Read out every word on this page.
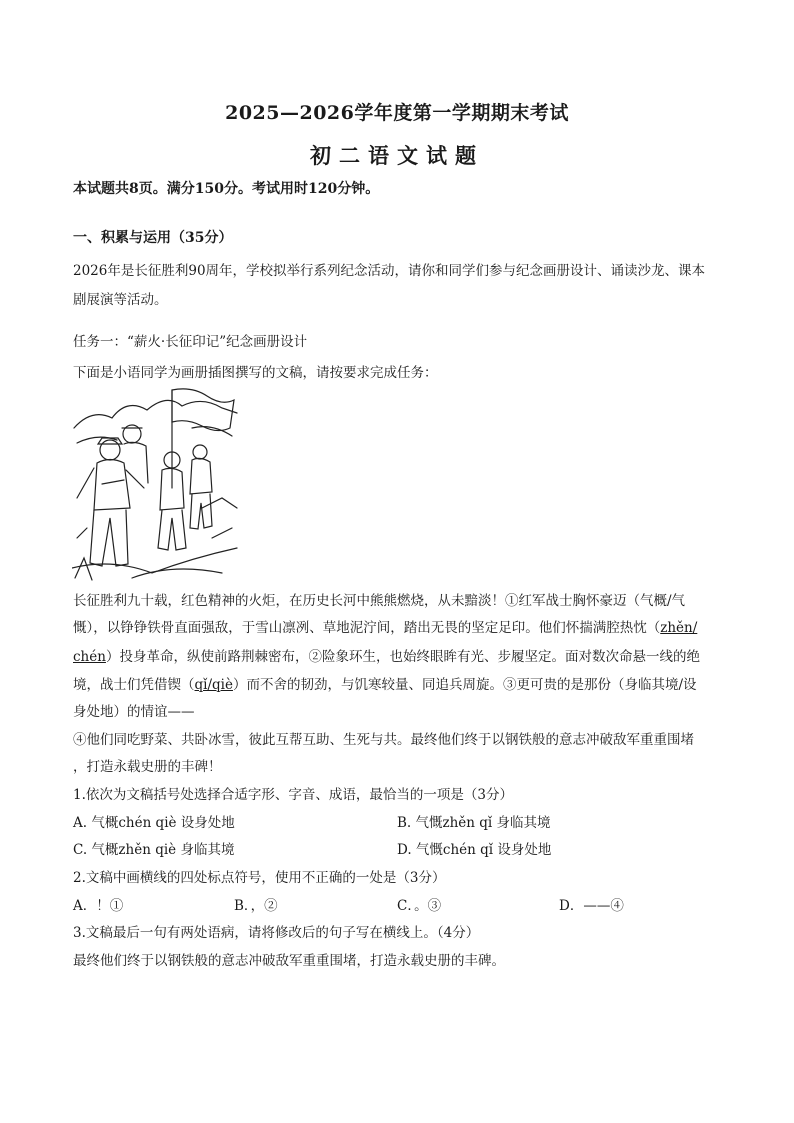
2025—2026学年度第一学期期末考试
初二语文试题
本试题共8页。满分150分。考试用时120分钟。
一、积累与运用（35分）
2026年是长征胜利90周年，学校拟举行系列纪念活动，请你和同学们参与纪念画册设计、诵读沙龙、课本
剧展演等活动。
任务一：“薪火·长征印记”纪念画册设计
下面是小语同学为画册插图撰写的文稿，请按要求完成任务：
长征胜利九十载，红色精神的火炬，在历史长河中熊熊燃烧，从未黯淡！①红军战士胸怀豪迈（气概/气
慨），以铮铮铁骨直面强敌，于雪山凛冽、草地泥泞间，踏出无畏的坚定足印。他们怀揣满腔热忱（zhěn/
chén）投身革命，纵使前路荆棘密布，②险象环生，也始终眼眸有光、步履坚定。面对数次命悬一线的绝
境，战士们凭借锲（qǐ/qiè）而不舍的韧劲，与饥寒较量、同追兵周旋。③更可贵的是那份（身临其境/设
身处地）的情谊——
④他们同吃野菜、共卧冰雪，彼此互帮互助、生死与共。最终他们终于以钢铁般的意志冲破敌军重重围堵
，打造永载史册的丰碑！
1.依次为文稿括号处选择合适字形、字音、成语，最恰当的一项是（3分）
A. 气概chén qiè 设身处地	B. 气慨zhěn qǐ 身临其境
C. 气概zhěn qiè 身临其境	D. 气慨chén qǐ 设身处地
2.文稿中画横线的四处标点符号，使用不正确的一处是（3分）
A．！①	B．，②	C．。③	D．——④
3.文稿最后一句有两处语病，请将修改后的句子写在横线上。（4分）
最终他们终于以钢铁般的意志冲破敌军重重围堵，打造永载史册的丰碑。
